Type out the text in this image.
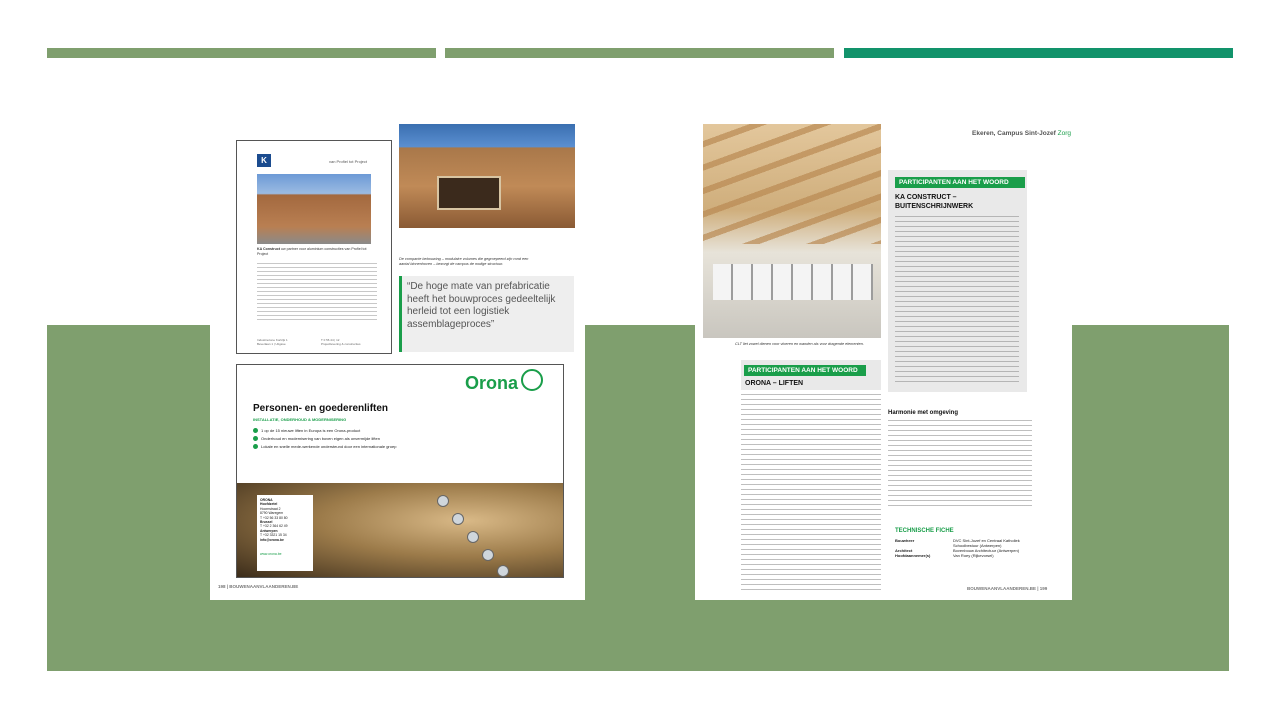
K	van Profiel tot Project
KA Construct uw partner voor aluminium constructies van Profiel tot Project
Industriezone Kortrijk 1
Beverlaan 1 | Uitgave
T 0 56 44 | 12
Projectlevering & constructies
De compacte bebouwing – modulaire volumes die gegroepeerd zijn rond een aantal binnenhoven – bezorgt de campus de nodige structuur.
“De hoge mate van prefabricatie heeft het bouwproces gedeeltelijk herleid tot een logistiek assemblageproces”
Orona
Personen- en goederenliften
INSTALLATIE, ONDERHOUD & MODERNISERING
1 op de 15 nieuwe liften in Europa is een Orona-product
Onderhoud en modernisering van boven eigen als onvermijde liften
Lokale en snelle mede-werkende ondersteund door een internationale groep
ORONA
Hoofdzetel
Hoornstraat 2
8790 Waregem
T +32 56 33 80 80
Brussel
T +32 2 364 62 49
Antwerpen
T +32 3321 15 34
info@orona.be
www.orona.be
198 | BOUWENAANVLAANDEREN.BE
CLT liet zowel dienen voor vloeren en wanden als voor dragende elementen.
Ekeren, Campus Sint-Jozef Zorg
PARTICIPANTEN AAN HET WOORD
KA CONSTRUCT – BUITENSCHRIJNWERK
PARTICIPANTEN AAN HET WOORD
ORONA – LIFTEN
Harmonie met omgeving
TECHNISCHE FICHE
Bouwheer	DVC Sint-Jozef en Centraal Katholiek Schoolbestuur (Antwerpen)
Architect	Bovenbouw Architectuur (Antwerpen)
Hoofdaannemer(s)	Van Roey (Rijkevorsel)
BOUWENAANVLAANDEREN.BE | 199
